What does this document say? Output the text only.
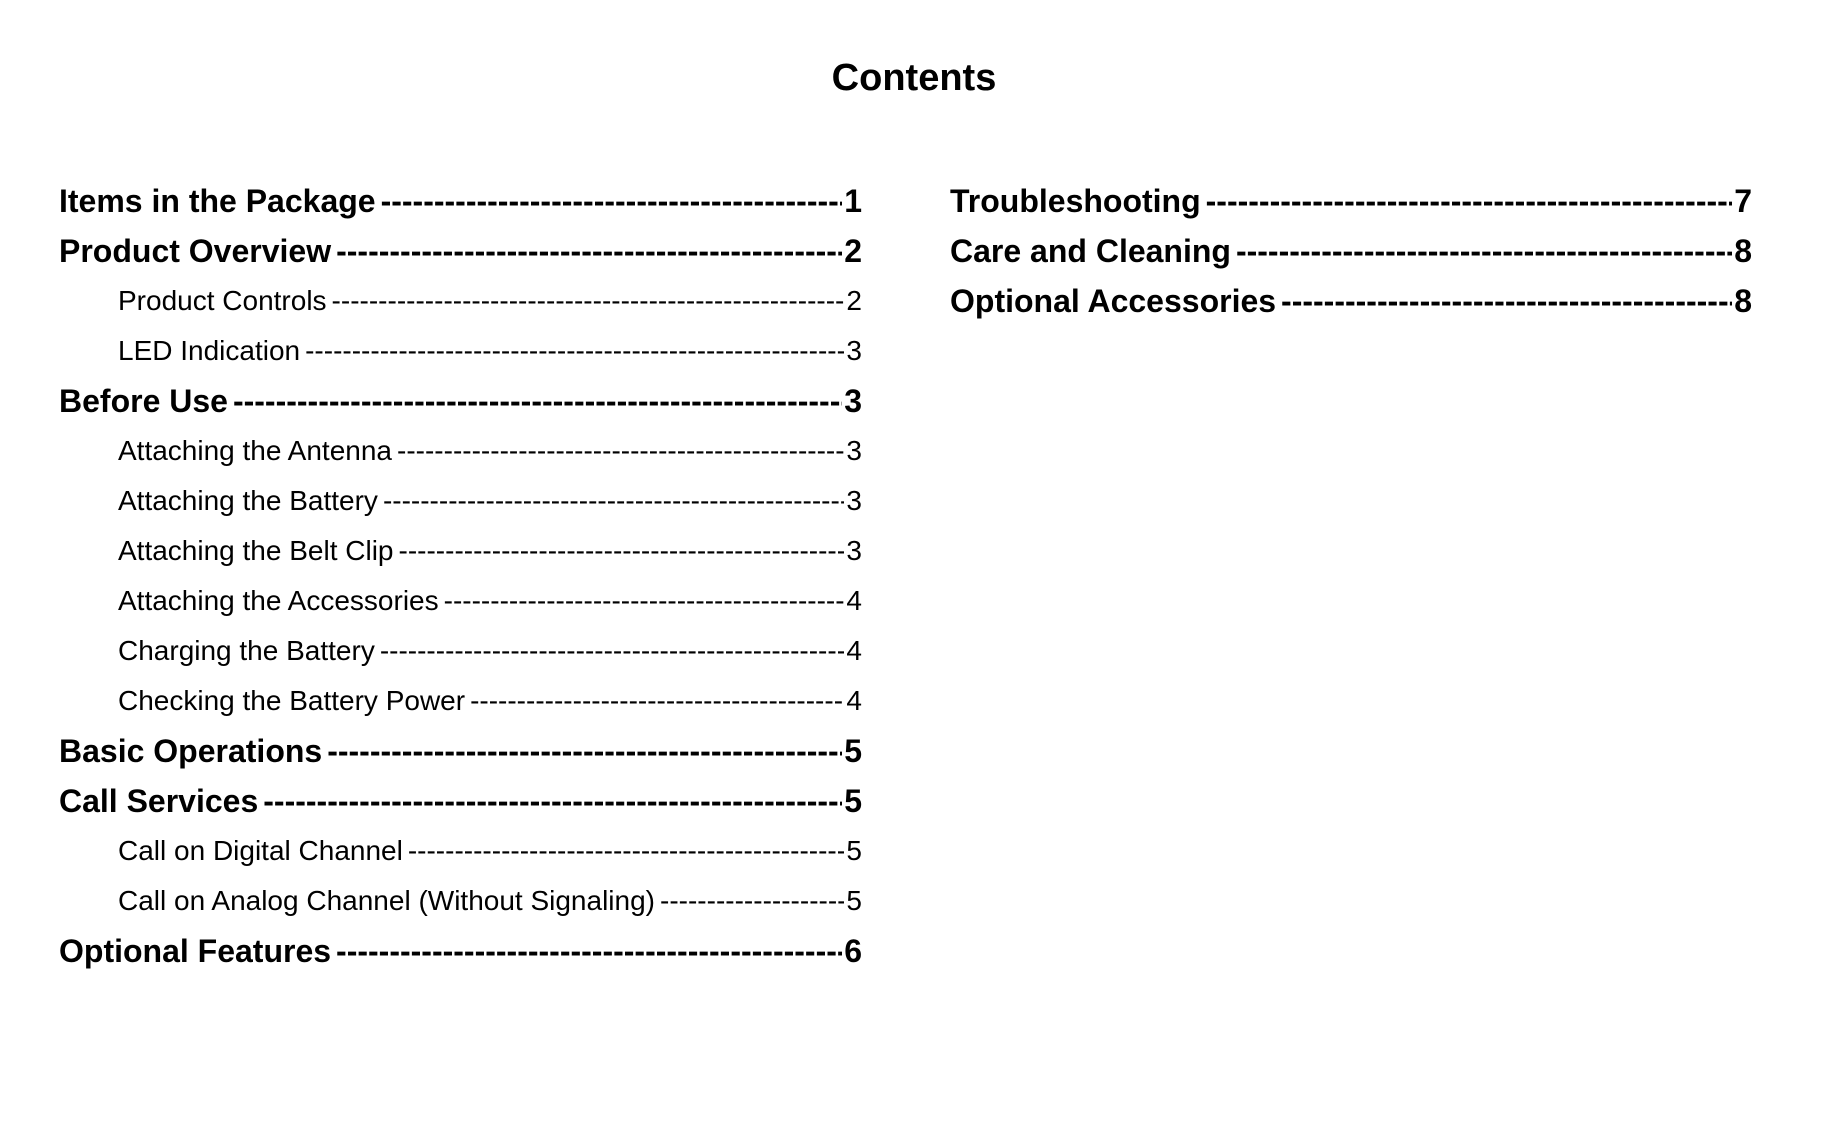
Contents
Items in the Package -----	1
Product Overview -----	2
Product Controls -----	2
LED Indication -----	3
Before Use -----	3
Attaching the Antenna -----	3
Attaching the Battery -----	3
Attaching the Belt Clip -----	3
Attaching the Accessories -----	4
Charging the Battery -----	4
Checking the Battery Power -----	4
Basic Operations -----	5
Call Services -----	5
Call on Digital Channel -----	5
Call on Analog Channel (Without Signaling) -----	5
Optional Features -----	6
Troubleshooting -----	7
Care and Cleaning -----	8
Optional Accessories -----	8
